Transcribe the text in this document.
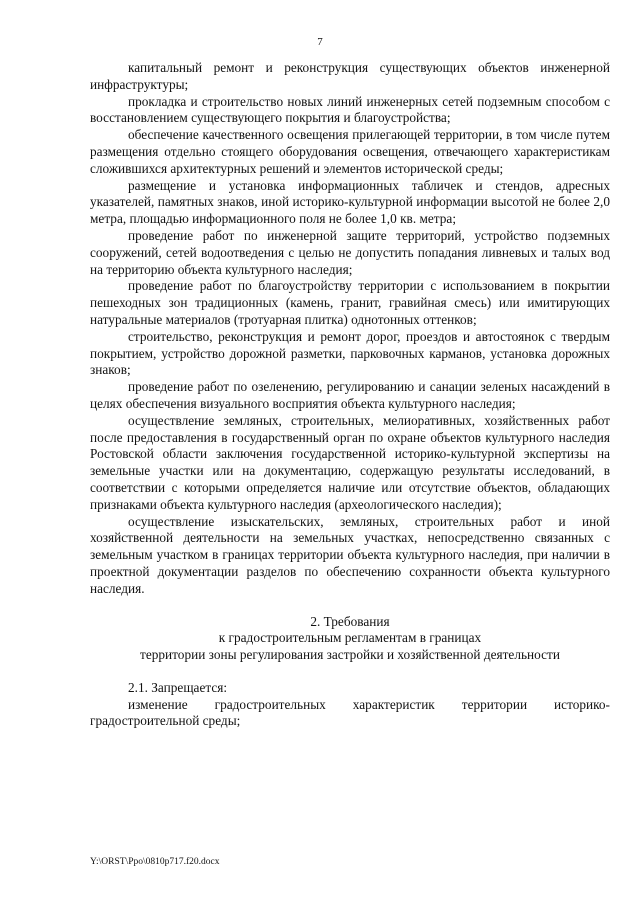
7

капитальный ремонт и реконструкция существующих объектов инженерной инфраструктуры;

прокладка и строительство новых линий инженерных сетей подземным способом с восстановлением существующего покрытия и благоустройства;

обеспечение качественного освещения прилегающей территории, в том числе путем размещения отдельно стоящего оборудования освещения, отвечающего характеристикам сложившихся архитектурных решений и элементов исторической среды;

размещение и установка информационных табличек и стендов, адресных указателей, памятных знаков, иной историко-культурной информации высотой не более 2,0 метра, площадью информационного поля не более 1,0 кв. метра;

проведение работ по инженерной защите территорий, устройство подземных сооружений, сетей водоотведения с целью не допустить попадания ливневых и талых вод на территорию объекта культурного наследия;

проведение работ по благоустройству территории с использованием в покрытии пешеходных зон традиционных (камень, гранит, гравийная смесь) или имитирующих натуральные материалов (тротуарная плитка) однотонных оттенков;

строительство, реконструкция и ремонт дорог, проездов и автостоянок с твердым покрытием, устройство дорожной разметки, парковочных карманов, установка дорожных знаков;

проведение работ по озеленению, регулированию и санации зеленых насаждений в целях обеспечения визуального восприятия объекта культурного наследия;

осуществление земляных, строительных, мелиоративных, хозяйственных работ после предоставления в государственный орган по охране объектов культурного наследия Ростовской области заключения государственной историко-культурной экспертизы на земельные участки или на документацию, содержащую результаты исследований, в соответствии с которыми определяется наличие или отсутствие объектов, обладающих признаками объекта культурного наследия (археологического наследия);

осуществление изыскательских, земляных, строительных работ и иной хозяйственной деятельности на земельных участках, непосредственно связанных с земельным участком в границах территории объекта культурного наследия, при наличии в проектной документации разделов по обеспечению сохранности объекта культурного наследия.

2. Требования
к градостроительным регламентам в границах
территории зоны регулирования застройки и хозяйственной деятельности

2.1. Запрещается:

изменение градостроительных характеристик территории историко-градостроительной среды;

Y:\ORST\Ppo\0810p717.f20.docx
